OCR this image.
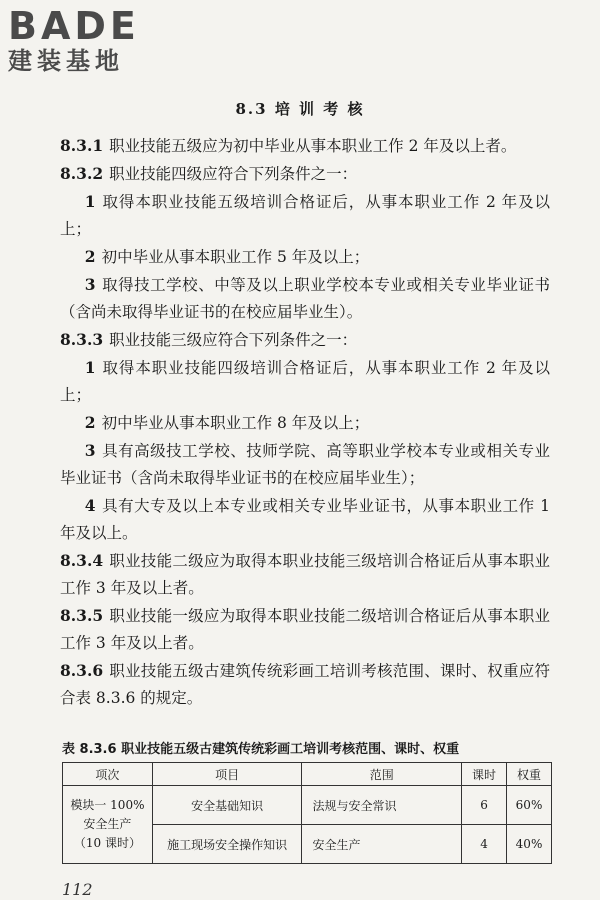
BADE
建装基地
8.3 培 训 考 核

8.3.1 职业技能五级应为初中毕业从事本职业工作 2 年及以上者。

8.3.2 职业技能四级应符合下列条件之一：

1 取得本职业技能五级培训合格证后，从事本职业工作 2 年及以上；

2 初中毕业从事本职业工作 5 年及以上；

3 取得技工学校、中等及以上职业学校本专业或相关专业毕业证书（含尚未取得毕业证书的在校应届毕业生）。

8.3.3 职业技能三级应符合下列条件之一：

1 取得本职业技能四级培训合格证后，从事本职业工作 2 年及以上；

2 初中毕业从事本职业工作 8 年及以上；

3 具有高级技工学校、技师学院、高等职业学校本专业或相关专业毕业证书（含尚未取得毕业证书的在校应届毕业生）；

4 具有大专及以上本专业或相关专业毕业证书，从事本职业工作 1 年及以上。

8.3.4 职业技能二级应为取得本职业技能三级培训合格证后从事本职业工作 3 年及以上者。

8.3.5 职业技能一级应为取得本职业技能二级培训合格证后从事本职业工作 3 年及以上者。

8.3.6 职业技能五级古建筑传统彩画工培训考核范围、课时、权重应符合表 8.3.6 的规定。

表 8.3.6 职业技能五级古建筑传统彩画工培训考核范围、课时、权重
项次	项目	范围	课时	权重

模块一 100%
安全生产
（10 课时）	安全基础知识	法规与安全常识	6	60%
	施工现场安全操作知识	安全生产	4	40%
112
